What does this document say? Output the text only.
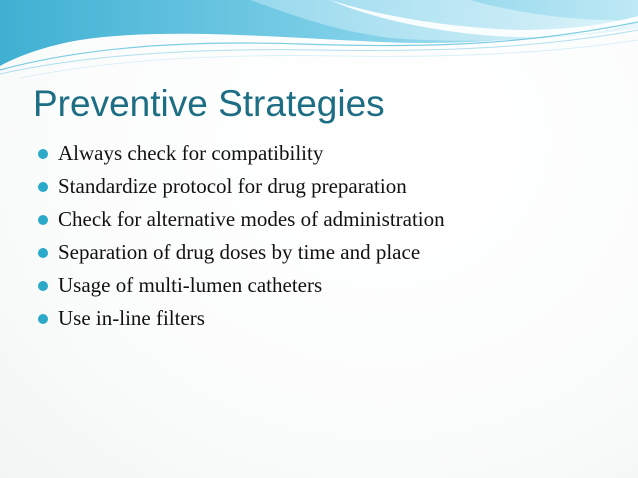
Preventive Strategies
Always check for compatibility
Standardize protocol for drug preparation
Check for alternative modes of administration
Separation of drug doses by time and place
Usage of multi-lumen catheters
Use in-line filters
